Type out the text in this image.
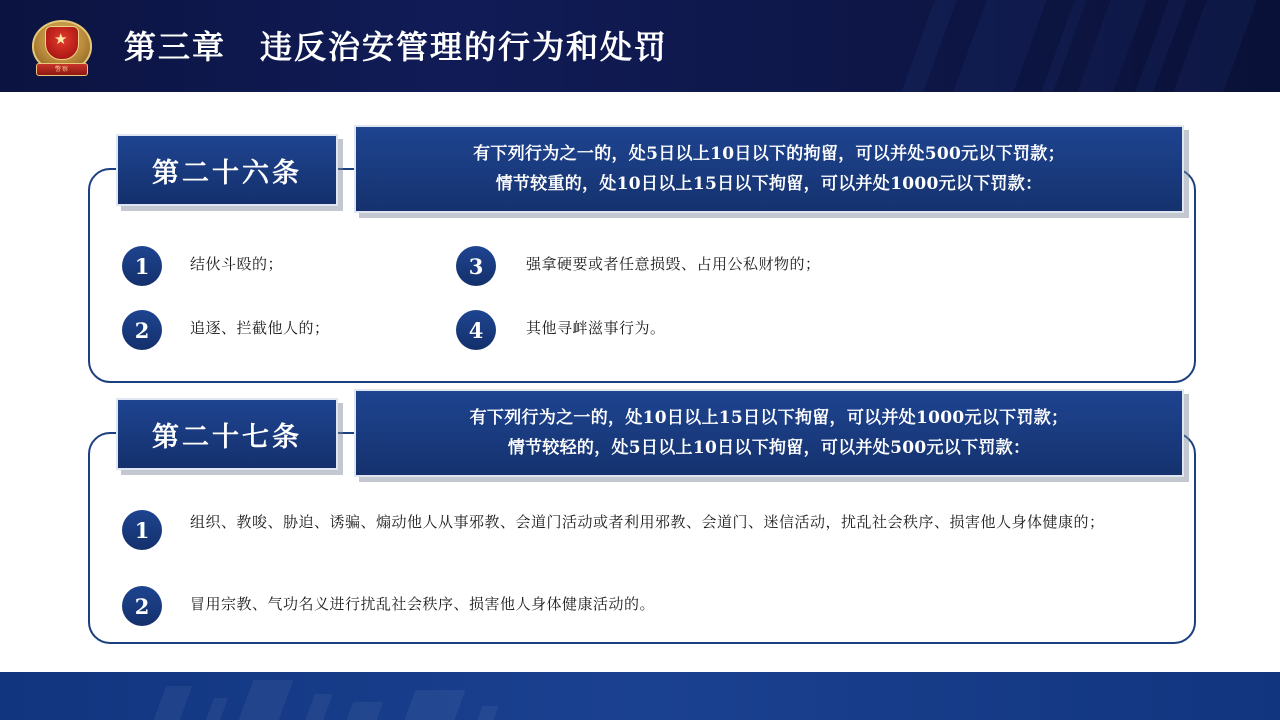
★
警察
第三章　违反治安管理的行为和处罚
第二十六条
有下列行为之一的，处5日以上10日以下的拘留，可以并处500元以下罚款；
情节较重的，处10日以上15日以下拘留，可以并处1000元以下罚款：
1	结伙斗殴的；
2	追逐、拦截他人的；
3	强拿硬要或者任意损毁、占用公私财物的；
4	其他寻衅滋事行为。
第二十七条
有下列行为之一的，处10日以上15日以下拘留，可以并处1000元以下罚款；
情节较轻的，处5日以上10日以下拘留，可以并处500元以下罚款：
1	组织、教唆、胁迫、诱骗、煽动他人从事邪教、会道门活动或者利用邪教、会道门、迷信活动，扰乱社会秩序、损害他人身体健康的；
2	冒用宗教、气功名义进行扰乱社会秩序、损害他人身体健康活动的。
